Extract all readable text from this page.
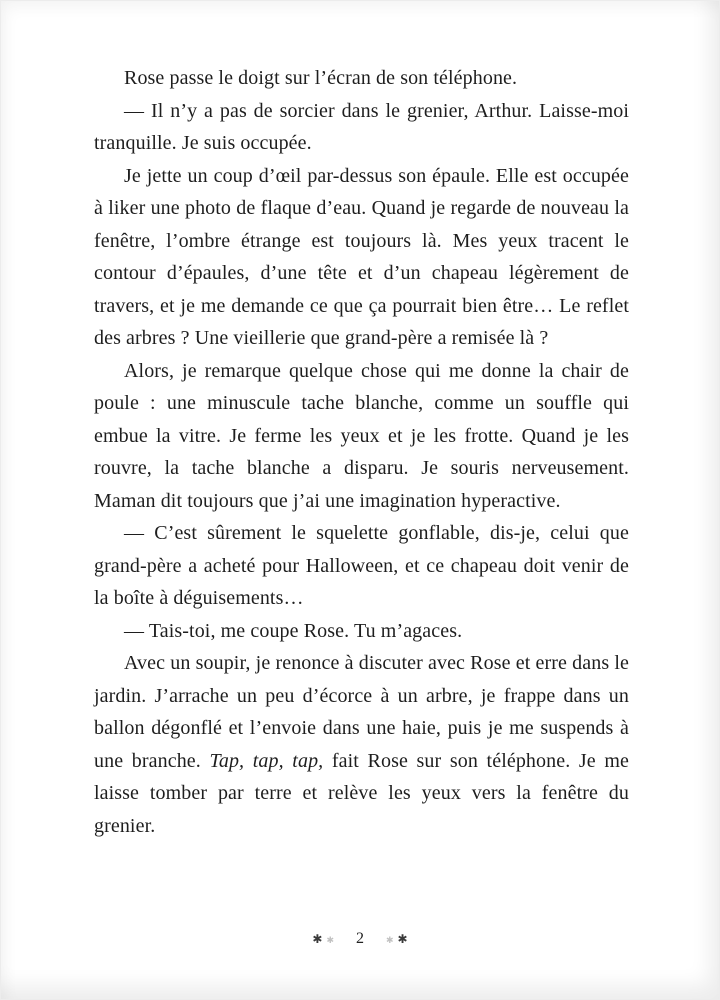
Rose passe le doigt sur l’écran de son téléphone.

— Il n’y a pas de sorcier dans le grenier, Arthur. Laisse-moi tranquille. Je suis occupée.

Je jette un coup d’œil par-dessus son épaule. Elle est occupée à liker une photo de flaque d’eau. Quand je regarde de nouveau la fenêtre, l’ombre étrange est toujours là. Mes yeux tracent le contour d’épaules, d’une tête et d’un chapeau légèrement de travers, et je me demande ce que ça pourrait bien être… Le reflet des arbres ? Une vieillerie que grand-père a remisée là ?

Alors, je remarque quelque chose qui me donne la chair de poule : une minuscule tache blanche, comme un souffle qui embue la vitre. Je ferme les yeux et je les frotte. Quand je les rouvre, la tache blanche a disparu. Je souris nerveusement. Maman dit toujours que j’ai une imagination hyperactive.

— C’est sûrement le squelette gonflable, dis-je, celui que grand-père a acheté pour Halloween, et ce chapeau doit venir de la boîte à déguisements…

— Tais-toi, me coupe Rose. Tu m’agaces.

Avec un soupir, je renonce à discuter avec Rose et erre dans le jardin. J’arrache un peu d’écorce à un arbre, je frappe dans un ballon dégonflé et l’envoie dans une haie, puis je me suspends à une branche. Tap, tap, tap, fait Rose sur son téléphone. Je me laisse tomber par terre et relève les yeux vers la fenêtre du grenier.

✱ ✱ 2 ✱ ✱
